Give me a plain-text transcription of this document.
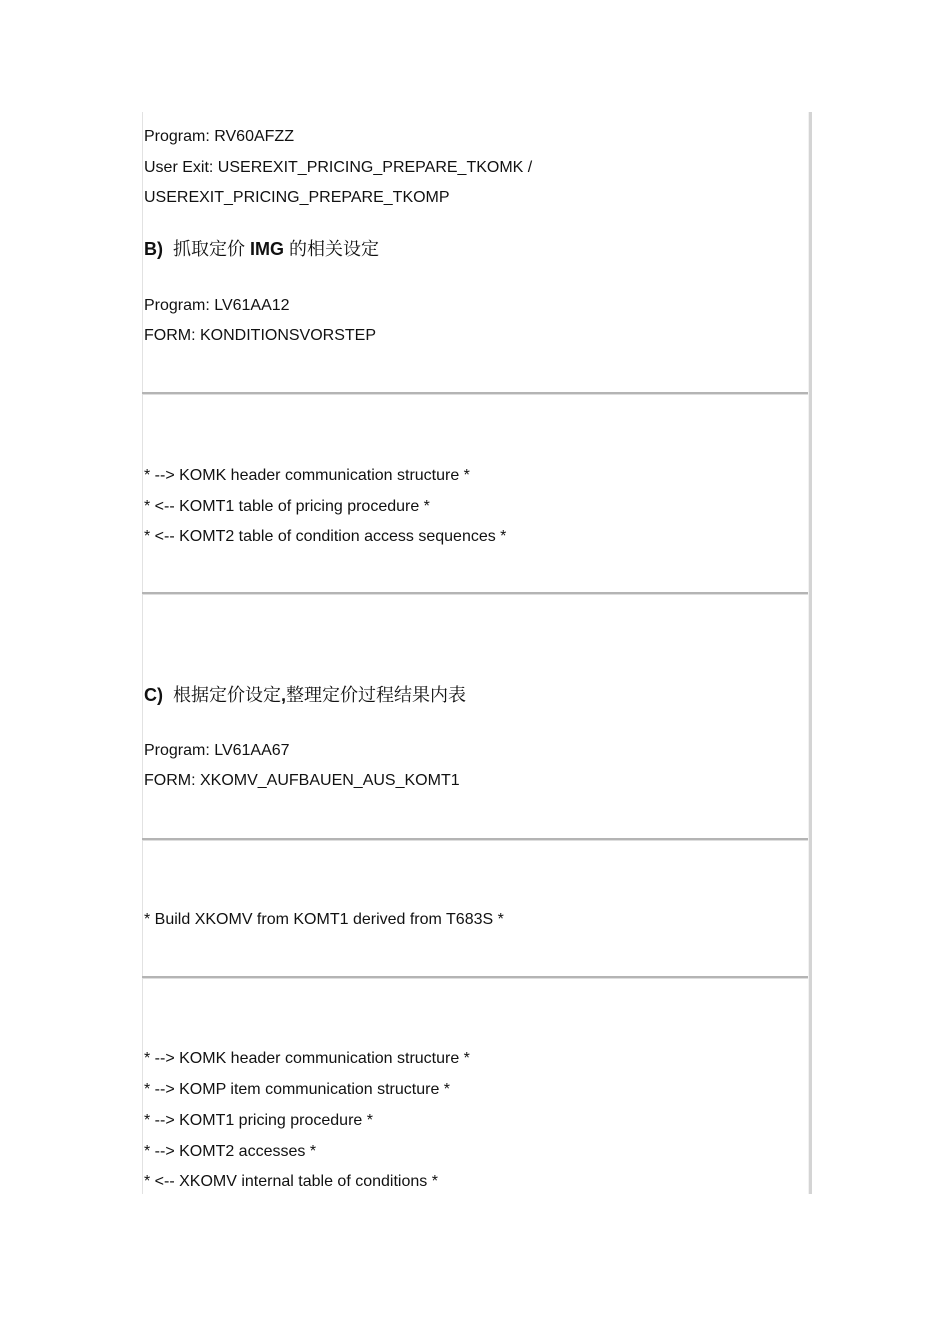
Program: RV60AFZZ
User Exit: USEREXIT_PRICING_PREPARE_TKOMK /
USEREXIT_PRICING_PREPARE_TKOMP
B) 抓取定价 IMG 的相关设定
Program: LV61AA12
FORM: KONDITIONSVORSTEP
* --> KOMK header communication structure *
* <-- KOMT1 table of pricing procedure *
* <-- KOMT2 table of condition access sequences *
C) 根据定价设定,整理定价过程结果内表
Program: LV61AA67
FORM: XKOMV_AUFBAUEN_AUS_KOMT1
* Build XKOMV from KOMT1 derived from T683S *
* --> KOMK header communication structure *
* --> KOMP item communication structure *
* --> KOMT1 pricing procedure *
* --> KOMT2 accesses *
* <-- XKOMV internal table of conditions *
